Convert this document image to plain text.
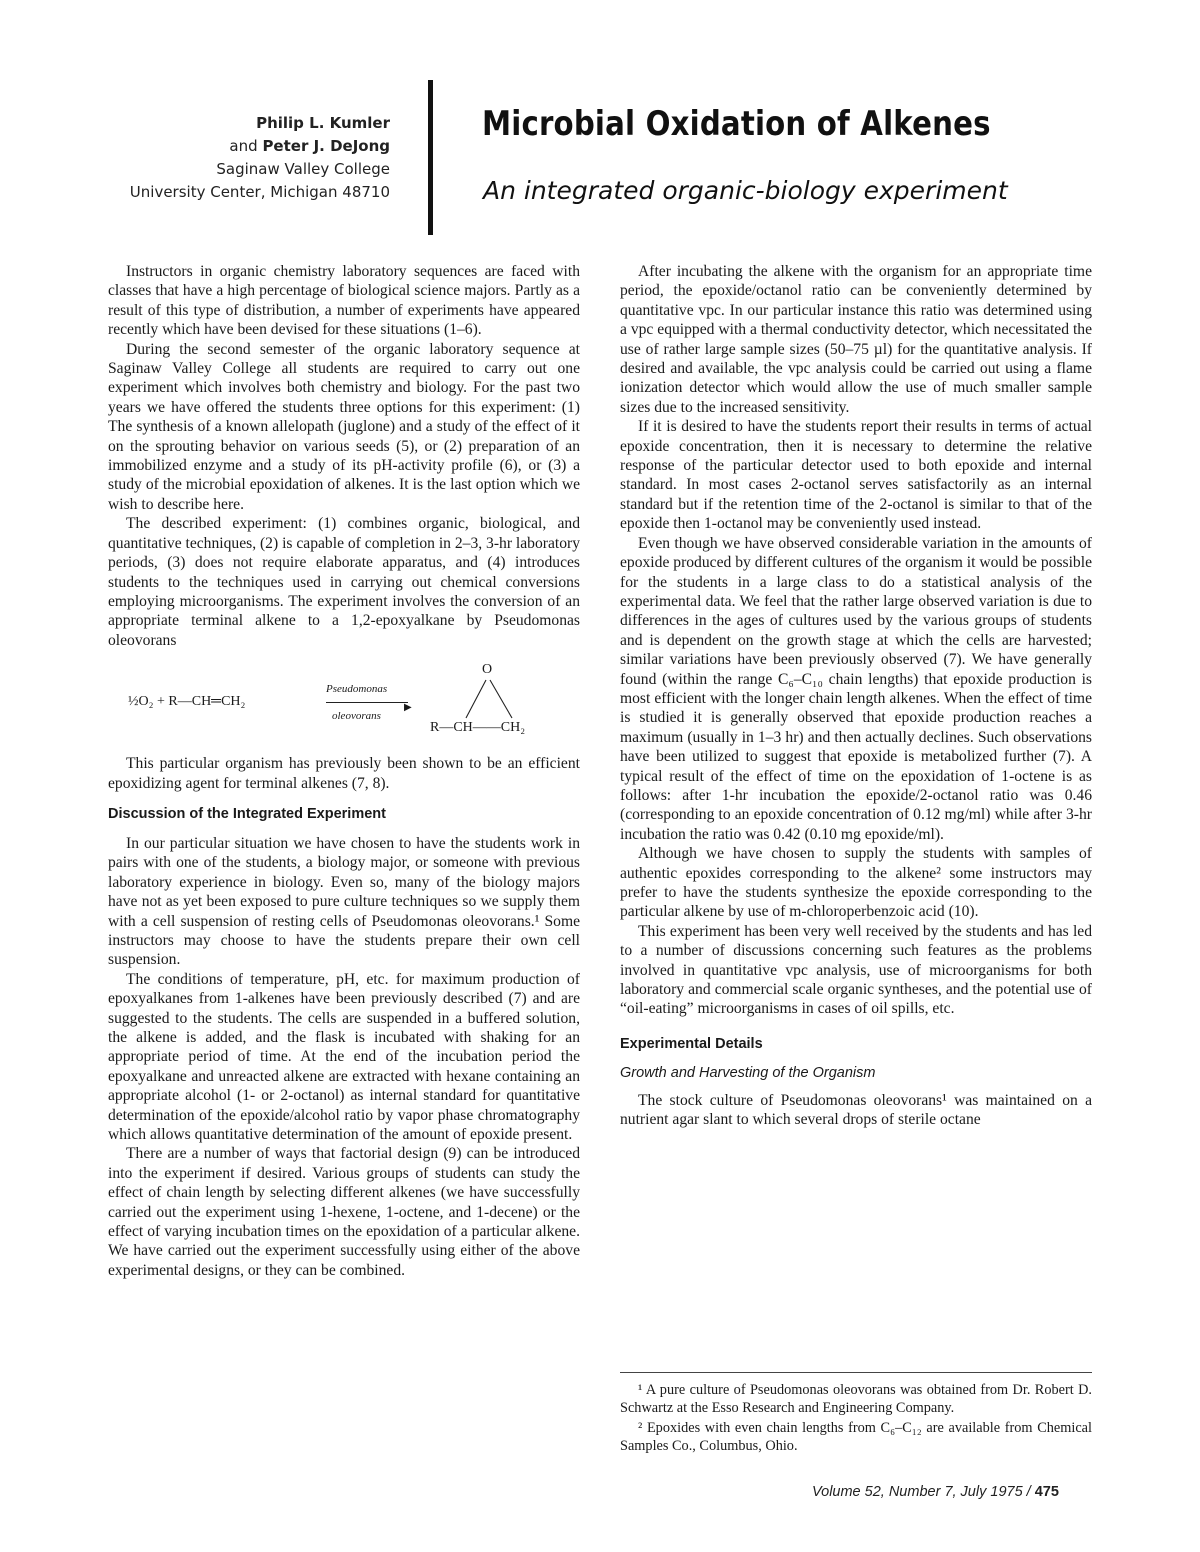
Philip L. Kumler
and Peter J. DeJong
Saginaw Valley College
University Center, Michigan 48710
Microbial Oxidation of Alkenes
An integrated organic-biology experiment

Instructors in organic chemistry laboratory sequences are faced with classes that have a high percentage of biological science majors. Partly as a result of this type of distribution, a number of experiments have appeared recently which have been devised for these situations (1–6).

During the second semester of the organic laboratory sequence at Saginaw Valley College all students are required to carry out one experiment which involves both chemistry and biology. For the past two years we have offered the students three options for this experiment: (1) The synthesis of a known allelopath (juglone) and a study of the effect of it on the sprouting behavior on various seeds (5), or (2) preparation of an immobilized enzyme and a study of its pH-activity profile (6), or (3) a study of the microbial epoxidation of alkenes. It is the last option which we wish to describe here.

The described experiment: (1) combines organic, biological, and quantitative techniques, (2) is capable of completion in 2–3, 3-hr laboratory periods, (3) does not require elaborate apparatus, and (4) introduces students to the techniques used in carrying out chemical conversions employing microorganisms. The experiment involves the conversion of an appropriate terminal alkene to a 1,2-epoxyalkane by Pseudomonas oleovorans

½O₂ + R—CH═CH₂
Pseudomonas
▶
oleovorans
O
R—CH——CH₂

This particular organism has previously been shown to be an efficient epoxidizing agent for terminal alkenes (7, 8).

Discussion of the Integrated Experiment

In our particular situation we have chosen to have the students work in pairs with one of the students, a biology major, or someone with previous laboratory experience in biology. Even so, many of the biology majors have not as yet been exposed to pure culture techniques so we supply them with a cell suspension of resting cells of Pseudomonas oleovorans.¹ Some instructors may choose to have the students prepare their own cell suspension.

The conditions of temperature, pH, etc. for maximum production of epoxyalkanes from 1-alkenes have been previously described (7) and are suggested to the students. The cells are suspended in a buffered solution, the alkene is added, and the flask is incubated with shaking for an appropriate period of time. At the end of the incubation period the epoxyalkane and unreacted alkene are extracted with hexane containing an appropriate alcohol (1- or 2-octanol) as internal standard for quantitative determination of the epoxide/alcohol ratio by vapor phase chromatography which allows quantitative determination of the amount of epoxide present.

There are a number of ways that factorial design (9) can be introduced into the experiment if desired. Various groups of students can study the effect of chain length by selecting different alkenes (we have successfully carried out the experiment using 1-hexene, 1-octene, and 1-decene) or the effect of varying incubation times on the epoxidation of a particular alkene. We have carried out the experiment successfully using either of the above experimental designs, or they can be combined.

After incubating the alkene with the organism for an appropriate time period, the epoxide/octanol ratio can be conveniently determined by quantitative vpc. In our particular instance this ratio was determined using a vpc equipped with a thermal conductivity detector, which necessitated the use of rather large sample sizes (50–75 µl) for the quantitative analysis. If desired and available, the vpc analysis could be carried out using a flame ionization detector which would allow the use of much smaller sample sizes due to the increased sensitivity.

If it is desired to have the students report their results in terms of actual epoxide concentration, then it is necessary to determine the relative response of the particular detector used to both epoxide and internal standard. In most cases 2-octanol serves satisfactorily as an internal standard but if the retention time of the 2-octanol is similar to that of the epoxide then 1-octanol may be conveniently used instead.

Even though we have observed considerable variation in the amounts of epoxide produced by different cultures of the organism it would be possible for the students in a large class to do a statistical analysis of the experimental data. We feel that the rather large observed variation is due to differences in the ages of cultures used by the various groups of students and is dependent on the growth stage at which the cells are harvested; similar variations have been previously observed (7). We have generally found (within the range C₆–C₁₀ chain lengths) that epoxide production is most efficient with the longer chain length alkenes. When the effect of time is studied it is generally observed that epoxide production reaches a maximum (usually in 1–3 hr) and then actually declines. Such observations have been utilized to suggest that epoxide is metabolized further (7). A typical result of the effect of time on the epoxidation of 1-octene is as follows: after 1-hr incubation the epoxide/2-octanol ratio was 0.46 (corresponding to an epoxide concentration of 0.12 mg/ml) while after 3-hr incubation the ratio was 0.42 (0.10 mg epoxide/ml).

Although we have chosen to supply the students with samples of authentic epoxides corresponding to the alkene² some instructors may prefer to have the students synthesize the epoxide corresponding to the particular alkene by use of m-chloroperbenzoic acid (10).

This experiment has been very well received by the students and has led to a number of discussions concerning such features as the problems involved in quantitative vpc analysis, use of microorganisms for both laboratory and commercial scale organic syntheses, and the potential use of “oil-eating” microorganisms in cases of oil spills, etc.

Experimental Details
Growth and Harvesting of the Organism

The stock culture of Pseudomonas oleovorans¹ was maintained on a nutrient agar slant to which several drops of sterile octane

¹ A pure culture of Pseudomonas oleovorans was obtained from Dr. Robert D. Schwartz at the Esso Research and Engineering Company.

² Epoxides with even chain lengths from C₆–C₁₂ are available from Chemical Samples Co., Columbus, Ohio.

Volume 52, Number 7, July 1975 / 475
